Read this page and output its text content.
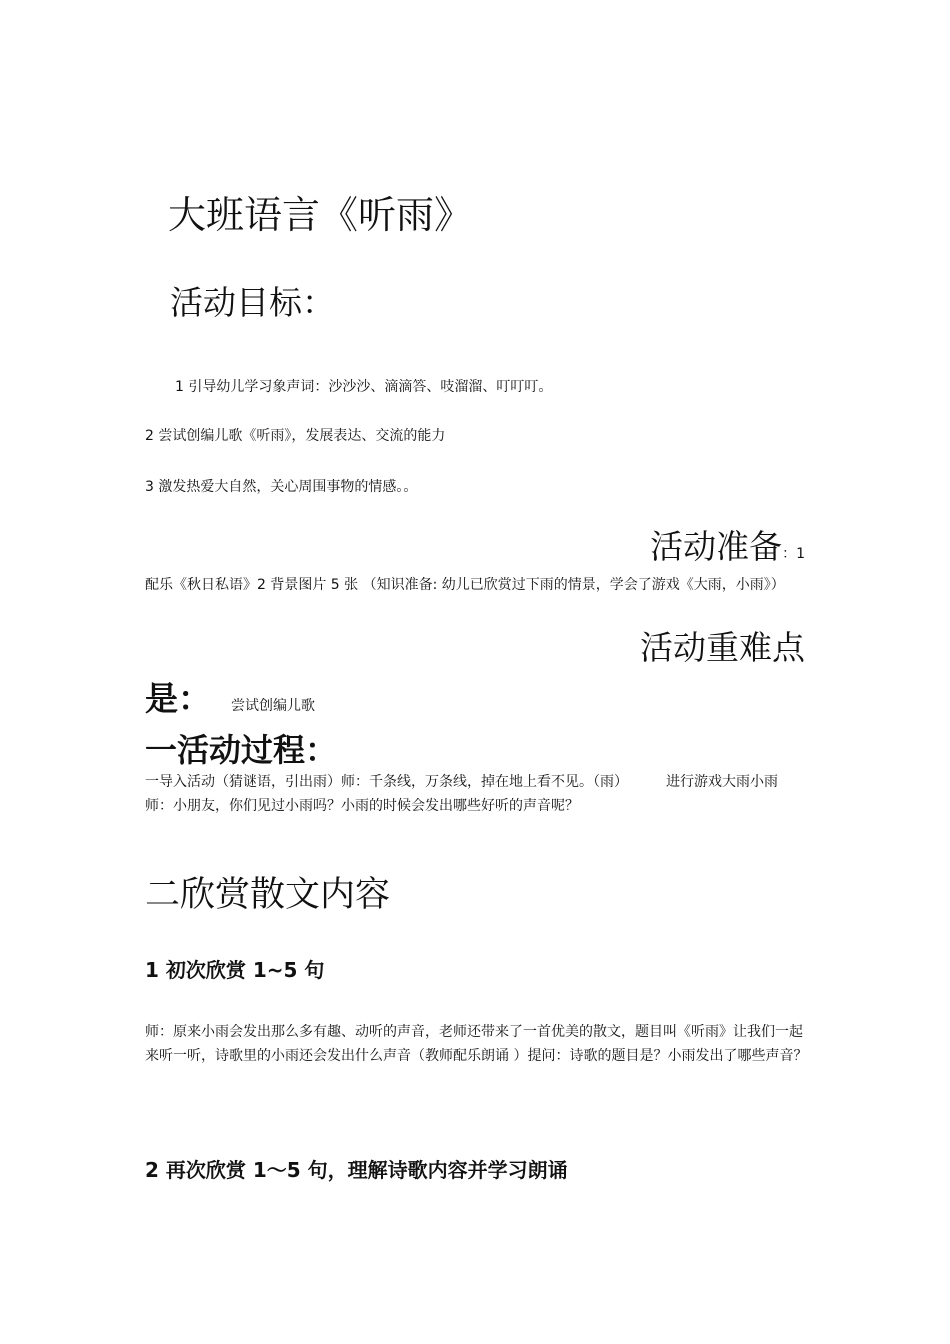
大班语言《听雨》
活动目标：
1 引导幼儿学习象声词：沙沙沙、滴滴答、吱溜溜、叮叮叮。
2 尝试创编儿歌《听雨》，发展表达、交流的能力
3 激发热爱大自然，关心周围事物的情感。。
活动准备：1
配乐《秋日私语》2 背景图片 5 张 （知识准备: 幼儿已欣赏过下雨的情景，学会了游戏《大雨，小雨》）
活动重难点
是： 尝试创编儿歌
一活动过程：一导入活动（猜谜语，引出雨）师：千条线，万条线，掉在地上看不见。（雨）	进行游戏大雨小雨
师：小朋友，你们见过小雨吗？小雨的时候会发出哪些好听的声音呢？
二欣赏散文内容
1 初次欣赏 1~5 句
师：原来小雨会发出那么多有趣、动听的声音，老师还带来了一首优美的散文，题目叫《听雨》让我们一起来听一听，诗歌里的小雨还会发出什么声音（教师配乐朗诵 ）提问：诗歌的题目是？小雨发出了哪些声音？
2 再次欣赏 1～5 句，理解诗歌内容并学习朗诵
